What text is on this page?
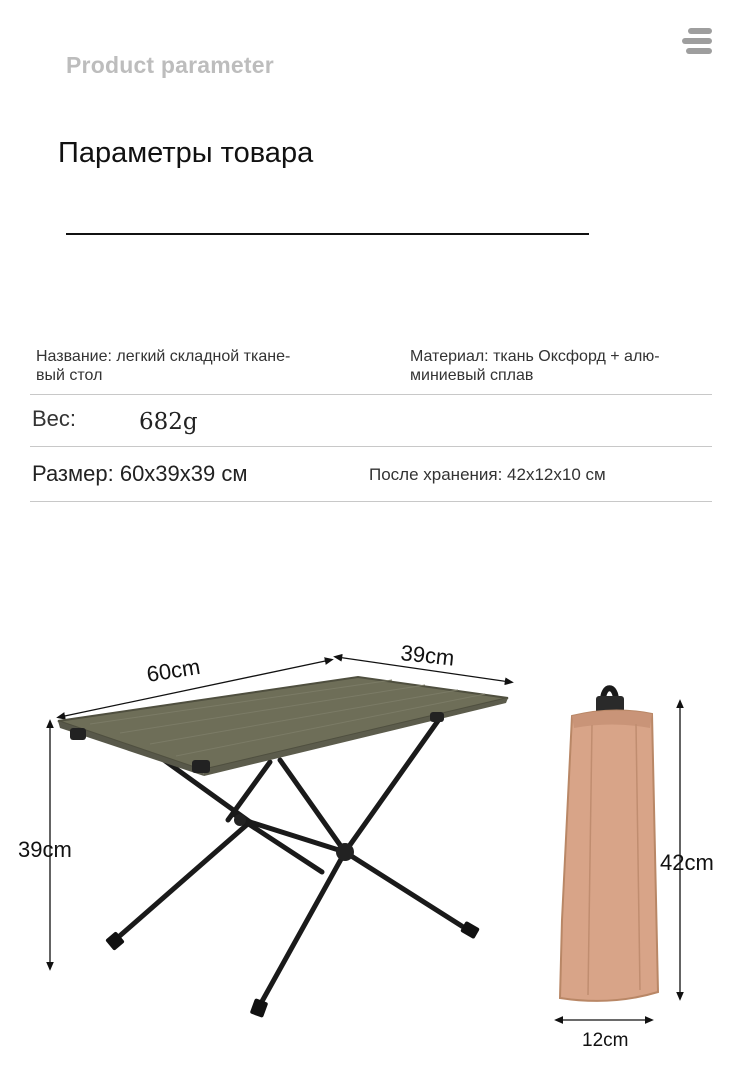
Product parameter
Параметры товара
Название: легкий складной ткане-
вый стол
Материал: ткань Оксфорд + алю-
миниевый сплав
Вес:	682g
Размер: 60x39x39 см	После хранения: 42x12x10 см
60cm	39cm
39cm
42cm
12cm
